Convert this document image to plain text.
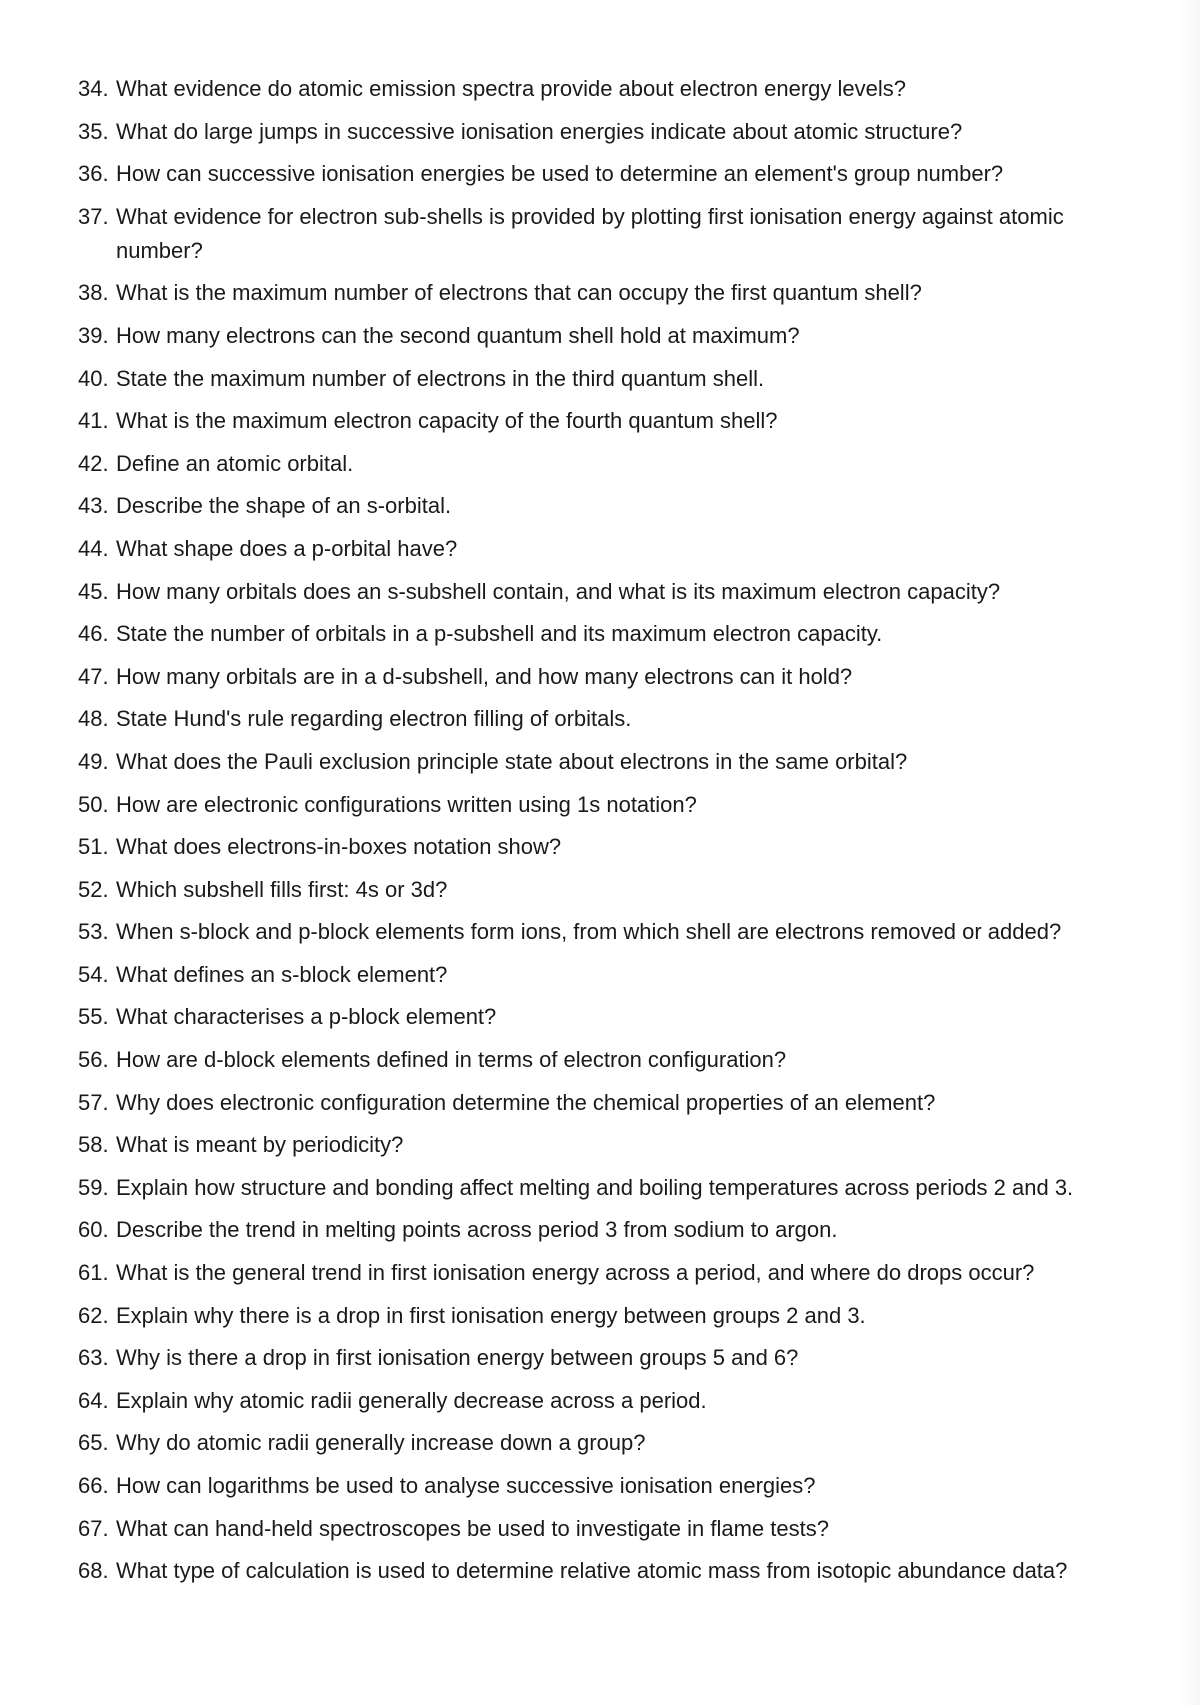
34. What evidence do atomic emission spectra provide about electron energy levels?
35. What do large jumps in successive ionisation energies indicate about atomic structure?
36. How can successive ionisation energies be used to determine an element's group number?
37. What evidence for electron sub-shells is provided by plotting first ionisation energy against atomic number?
38. What is the maximum number of electrons that can occupy the first quantum shell?
39. How many electrons can the second quantum shell hold at maximum?
40. State the maximum number of electrons in the third quantum shell.
41. What is the maximum electron capacity of the fourth quantum shell?
42. Define an atomic orbital.
43. Describe the shape of an s-orbital.
44. What shape does a p-orbital have?
45. How many orbitals does an s-subshell contain, and what is its maximum electron capacity?
46. State the number of orbitals in a p-subshell and its maximum electron capacity.
47. How many orbitals are in a d-subshell, and how many electrons can it hold?
48. State Hund's rule regarding electron filling of orbitals.
49. What does the Pauli exclusion principle state about electrons in the same orbital?
50. How are electronic configurations written using 1s notation?
51. What does electrons-in-boxes notation show?
52. Which subshell fills first: 4s or 3d?
53. When s-block and p-block elements form ions, from which shell are electrons removed or added?
54. What defines an s-block element?
55. What characterises a p-block element?
56. How are d-block elements defined in terms of electron configuration?
57. Why does electronic configuration determine the chemical properties of an element?
58. What is meant by periodicity?
59. Explain how structure and bonding affect melting and boiling temperatures across periods 2 and 3.
60. Describe the trend in melting points across period 3 from sodium to argon.
61. What is the general trend in first ionisation energy across a period, and where do drops occur?
62. Explain why there is a drop in first ionisation energy between groups 2 and 3.
63. Why is there a drop in first ionisation energy between groups 5 and 6?
64. Explain why atomic radii generally decrease across a period.
65. Why do atomic radii generally increase down a group?
66. How can logarithms be used to analyse successive ionisation energies?
67. What can hand-held spectroscopes be used to investigate in flame tests?
68. What type of calculation is used to determine relative atomic mass from isotopic abundance data?
